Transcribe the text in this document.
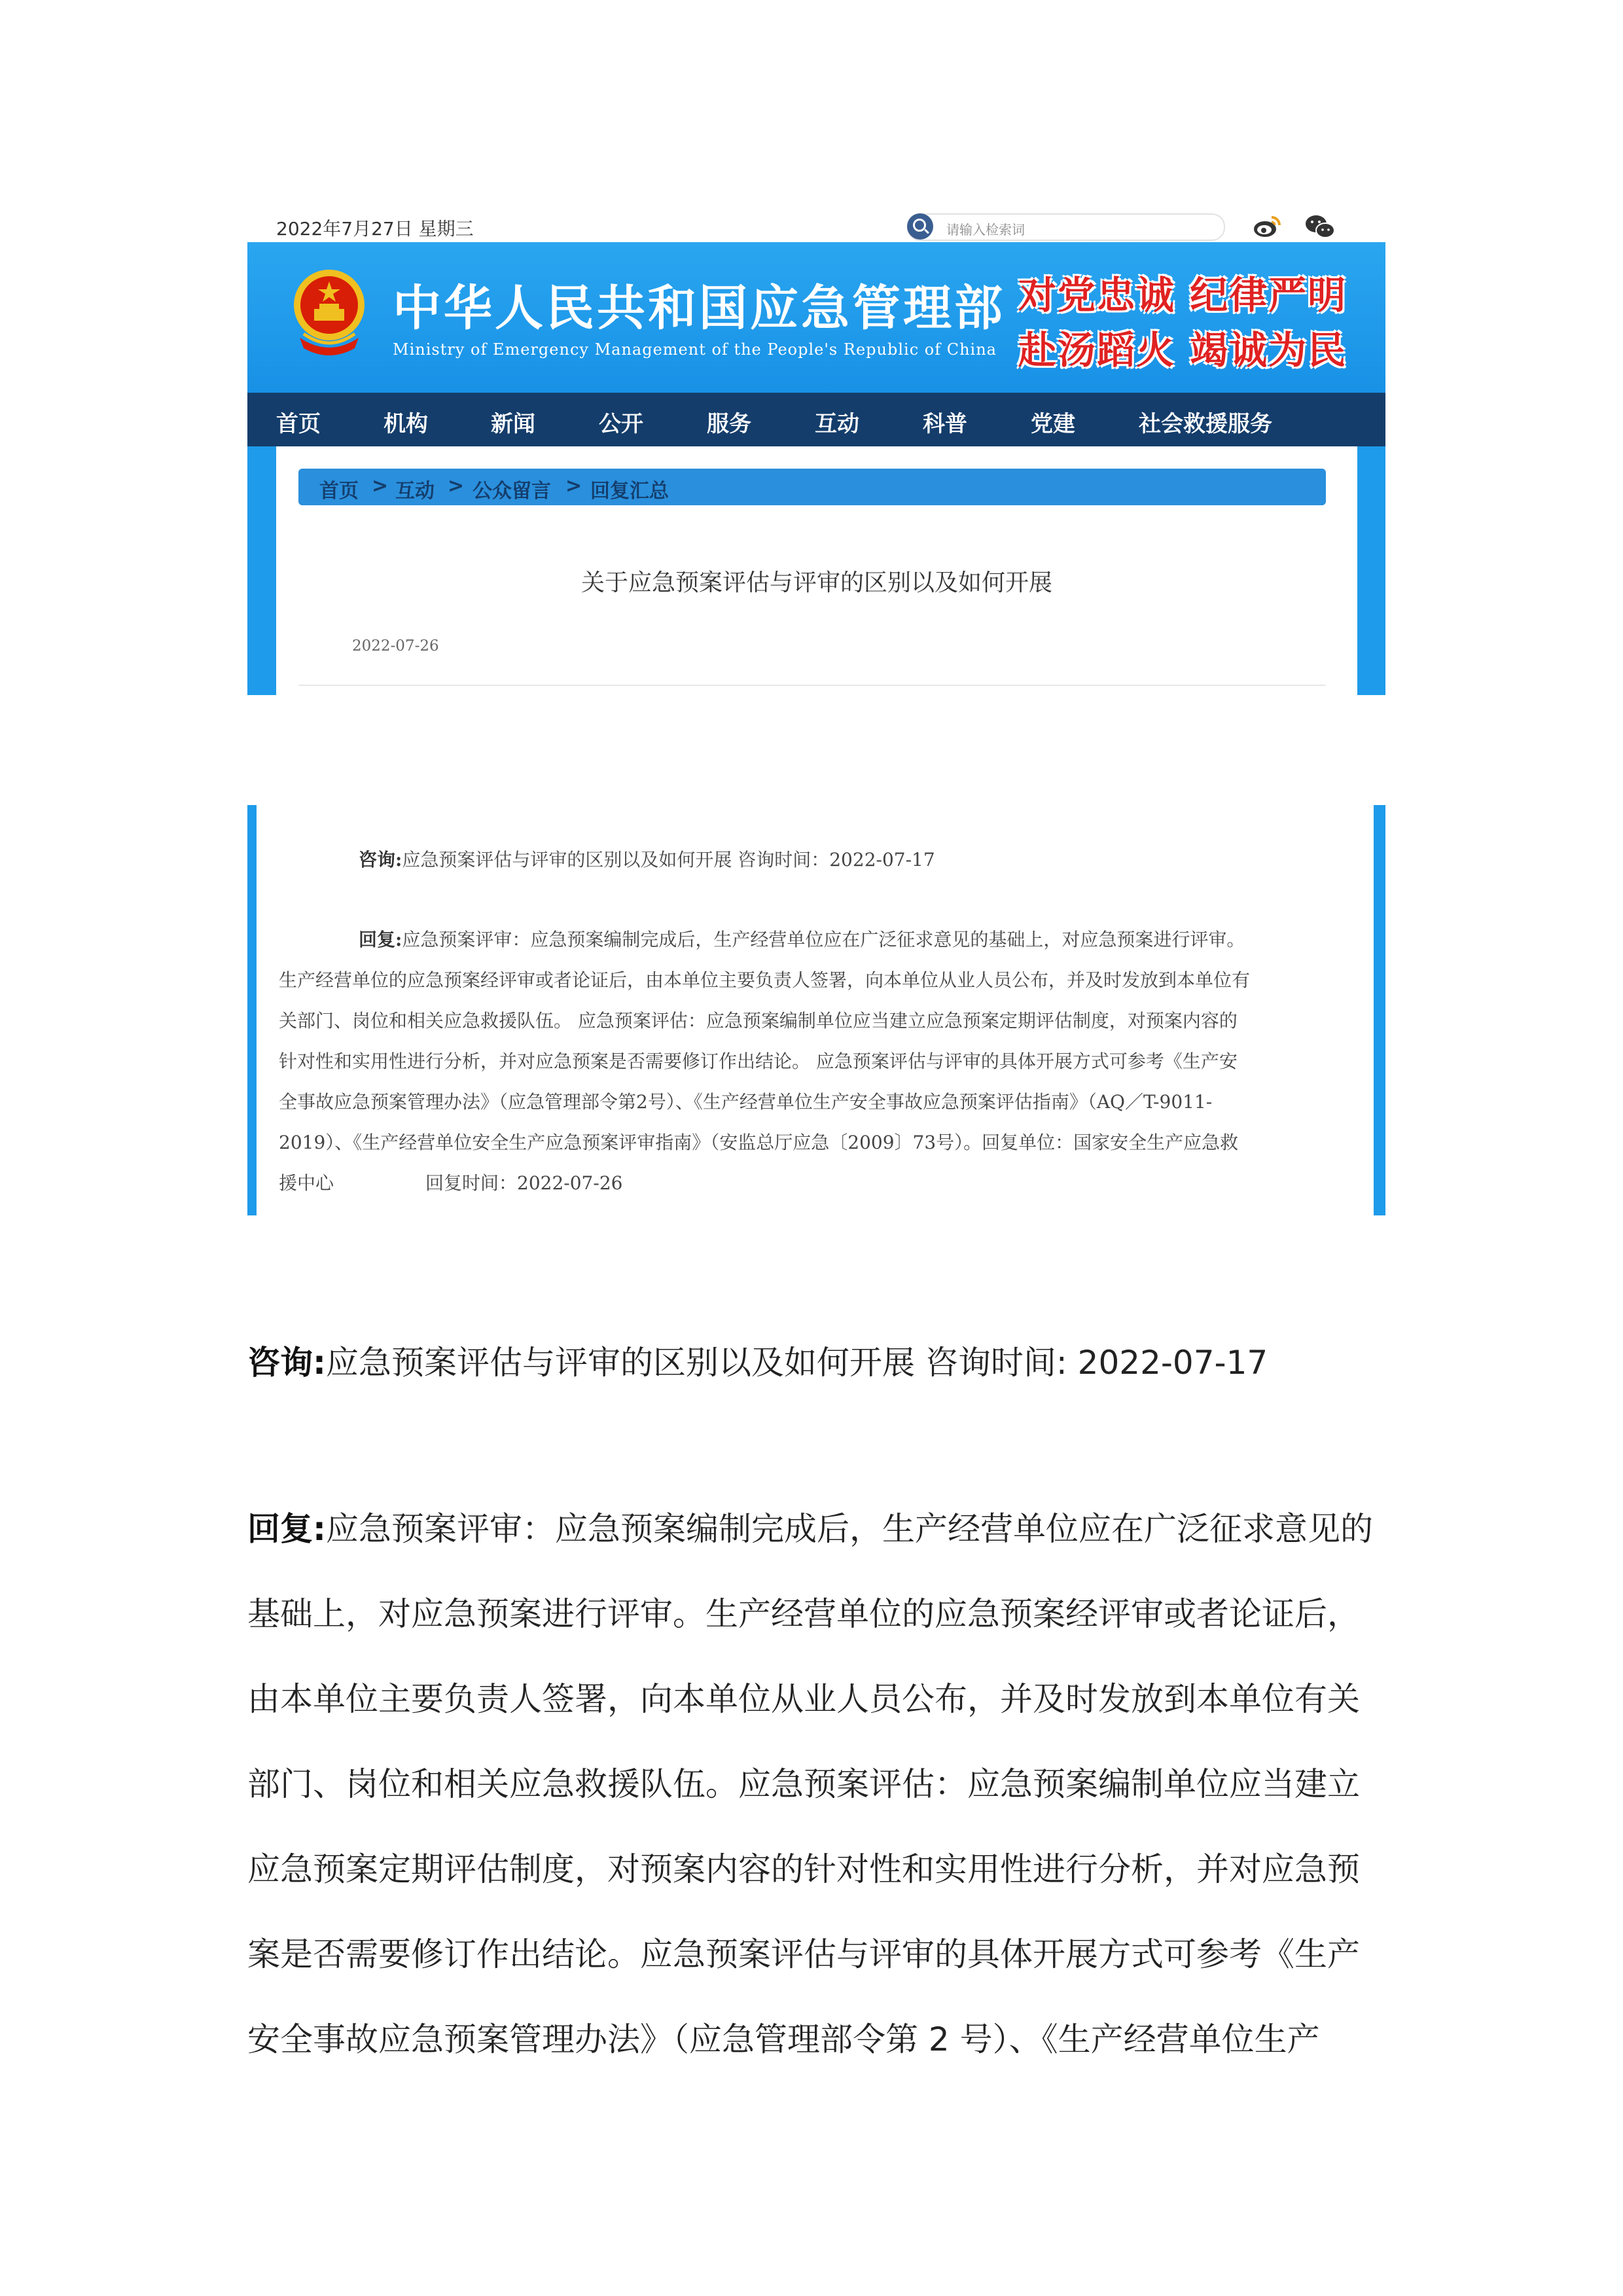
2022年7月27日 星期三	请输入检索词
中华人民共和国应急管理部
Ministry of Emergency Management of the People's Republic of China
对党忠诚 纪律严明
赴汤蹈火 竭诚为民
首页	机构	新闻	公开	服务	互动	科普	党建	社会救援服务
首页 > 互动 > 公众留言 > 回复汇总
关于应急预案评估与评审的区别以及如何开展
2022-07-26
咨询:应急预案评估与评审的区别以及如何开展 咨询时间：2022-07-17
回复:应急预案评审：应急预案编制完成后，生产经营单位应在广泛征求意见的基础上，对应急预案进行评审。
生产经营单位的应急预案经评审或者论证后，由本单位主要负责人签署，向本单位从业人员公布，并及时发放到本单位有
关部门、岗位和相关应急救援队伍。 应急预案评估：应急预案编制单位应当建立应急预案定期评估制度，对预案内容的
针对性和实用性进行分析，并对应急预案是否需要修订作出结论。 应急预案评估与评审的具体开展方式可参考《生产安
全事故应急预案管理办法》（应急管理部令第2号）、《生产经营单位生产安全事故应急预案评估指南》（AQ／T-9011-
2019）、《生产经营单位安全生产应急预案评审指南》（安监总厅应急〔2009〕73号）。回复单位：国家安全生产应急救
援中心	回复时间：2022-07-26
咨询:应急预案评估与评审的区别以及如何开展 咨询时间: 2022-07-17
回复:应急预案评审：应急预案编制完成后，生产经营单位应在广泛征求意见的
基础上，对应急预案进行评审。生产经营单位的应急预案经评审或者论证后，
由本单位主要负责人签署，向本单位从业人员公布，并及时发放到本单位有关
部门、岗位和相关应急救援队伍。应急预案评估：应急预案编制单位应当建立
应急预案定期评估制度，对预案内容的针对性和实用性进行分析，并对应急预
案是否需要修订作出结论。应急预案评估与评审的具体开展方式可参考《生产
安全事故应急预案管理办法》（应急管理部令第 2 号）、《生产经营单位生产
